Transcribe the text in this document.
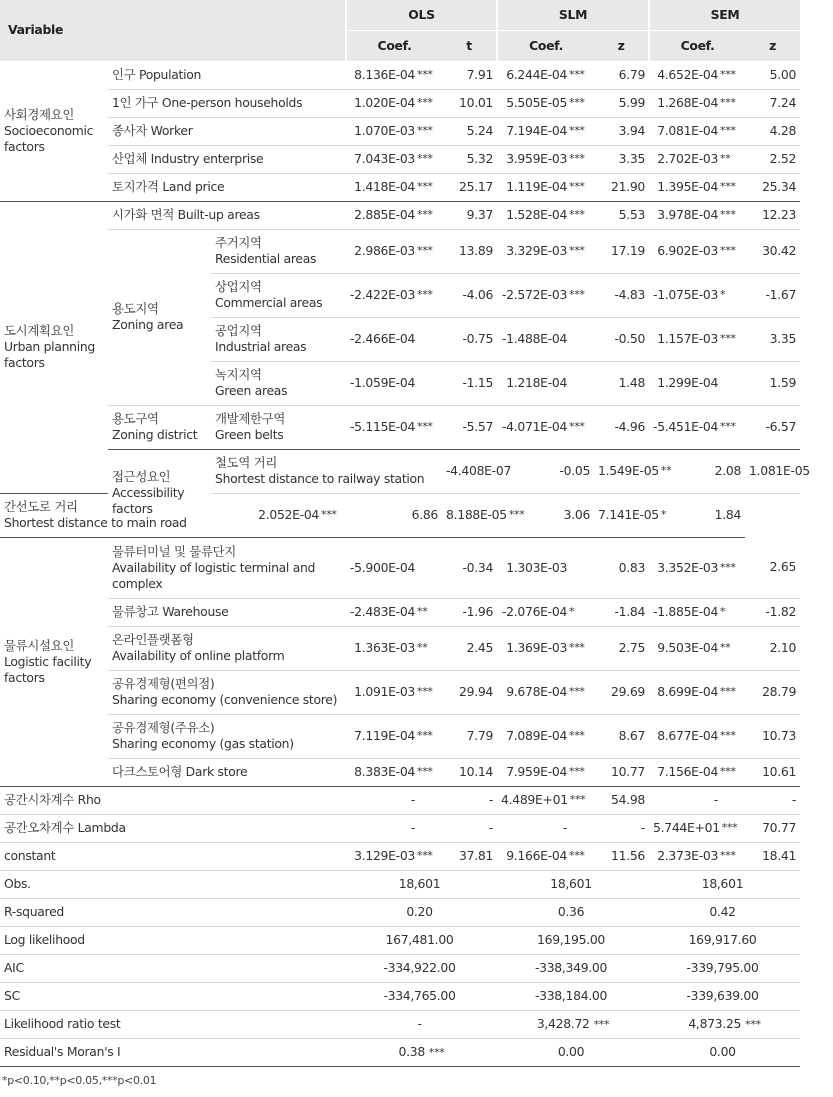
Variable			OLS		SLM		SEM		
			Coef.	t	Coef.	z	Coef.	z	

사회경제요인
Socioeconomic
factors	인구 Population		8.136E-04 ***	7.91	6.244E-04 ***	6.79	4.652E-04 ***	5.00	

	1인 가구 One-person households		1.020E-04 ***	10.01	5.505E-05 ***	5.99	1.268E-04 ***	7.24	

	종사자 Worker		1.070E-03 ***	5.24	7.194E-04 ***	3.94	7.081E-04 ***	4.28	

	산업체 Industry enterprise		7.043E-03 ***	5.32	3.959E-03 ***	3.35	2.702E-03 **	2.52	

	토지가격 Land price		1.418E-04 ***	25.17	1.119E-04 ***	21.90	1.395E-04 ***	25.34	

도시계획요인
Urban planning
factors	시가화 면적 Built-up areas		2.885E-04 ***	9.37	1.528E-04 ***	5.53	3.978E-04 ***	12.23	

	용도지역
Zoning area	주거지역
Residential areas	2.986E-03 ***	13.89	3.329E-03 ***	17.19	6.902E-03 ***	30.42	

		상업지역
Commercial areas	-2.422E-03 ***	-4.06	-2.572E-03 ***	-4.83	-1.075E-03 *	-1.67	

		공업지역
Industrial areas	-2.466E-04	-0.75	-1.488E-04	-0.50	1.157E-03 ***	3.35	

		녹지지역
Green areas	-1.059E-04	-1.15	1.218E-04	1.48	1.299E-04	1.59	

	용도구역
Zoning district	개발제한구역
Green belts	-5.115E-04 ***	-5.57	-4.071E-04 ***	-4.96	-5.451E-04 ***	-6.57	

	접근성요인
Accessibility
factors	철도역 거리
Shortest distance to railway station		-4.408E-07	-0.05	1.549E-05 **	2.08	1.081E-05	

간선도로 거리
Shortest distance to main road		2.052E-04 ***	6.86	8.188E-05 ***	3.06	7.141E-05 *	1.84		

물류시설요인
Logistic facility
factors	물류터미널 및 물류단지
Availability of logistic terminal and
complex		-5.900E-04	-0.34	1.303E-03	0.83	3.352E-03 ***	2.65	

	물류창고 Warehouse		-2.483E-04 **	-1.96	-2.076E-04 *	-1.84	-1.885E-04 *	-1.82	

	온라인플랫폼형
Availability of online platform		1.363E-03 **	2.45	1.369E-03 ***	2.75	9.503E-04 **	2.10	

	공유경제형(편의점)
Sharing economy (convenience store)		1.091E-03 ***	29.94	9.678E-04 ***	29.69	8.699E-04 ***	28.79	

	공유경제형(주유소)
Sharing economy (gas station)		7.119E-04 ***	7.79	7.089E-04 ***	8.67	8.677E-04 ***	10.73	

	다크스토어형 Dark store		8.383E-04 ***	10.14	7.959E-04 ***	10.77	7.156E-04 ***	10.61	

공간시차계수 Rho			-	-	4.489E+01 ***	54.98	-	-	

공간오차계수 Lambda			-	-	-	-	5.744E+01 ***	70.77	

constant			3.129E-03 ***	37.81	9.166E-04 ***	11.56	2.373E-03 ***	18.41	
Obs.			18,601		18,601		18,601		
R-squared			0.20		0.36		0.42		
Log likelihood			167,481.00		169,195.00		169,917.60		
AIC			-334,922.00		-338,349.00		-339,795.00		
SC			-334,765.00		-338,184.00		-339,639.00		
Likelihood ratio test			-		3,428.72 ***		4,873.25 ***		
Residual's Moran's I			0.38 ***		0.00		0.00		
*p<0.10,**p<0.05,***p<0.01
